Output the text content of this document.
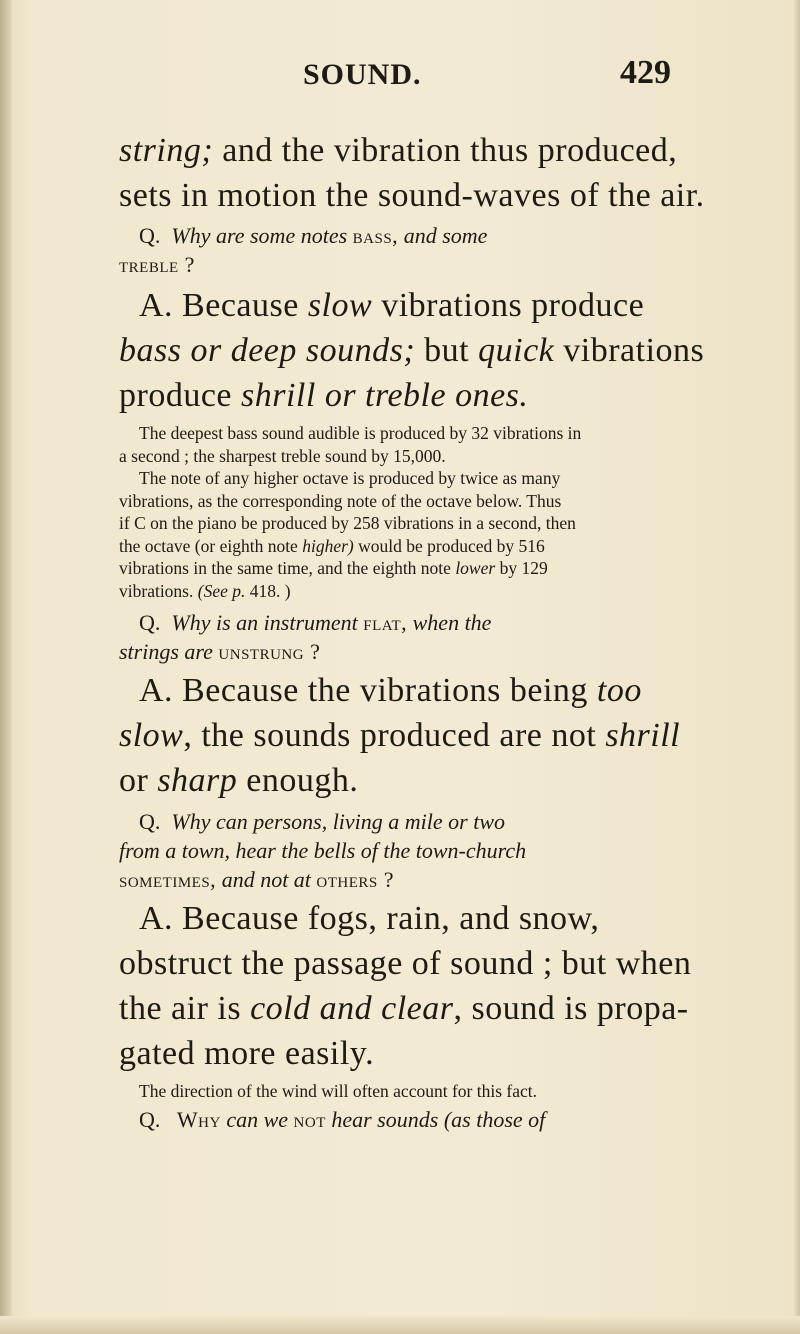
SOUND.	429
string; and the vibration thus produced,
sets in motion the sound-waves of the air.
Q. Why are some notes bass, and some
treble ?
A. Because slow vibrations produce
bass or deep sounds; but quick vibrations
produce shrill or treble ones.
The deepest bass sound audible is produced by 32 vibrations in
a second ; the sharpest treble sound by 15,000.
The note of any higher octave is produced by twice as many
vibrations, as the corresponding note of the octave below. Thus
if C on the piano be produced by 258 vibrations in a second, then
the octave (or eighth note higher) would be produced by 516
vibrations in the same time, and the eighth note lower by 129
vibrations. (See p. 418. )
Q. Why is an instrument flat, when the
strings are unstrung ?
A. Because the vibrations being too
slow, the sounds produced are not shrill
or sharp enough.
Q. Why can persons, living a mile or two
from a town, hear the bells of the town-church
sometimes, and not at others ?
A. Because fogs, rain, and snow,
obstruct the passage of sound ; but when
the air is cold and clear, sound is propa-
gated more easily.
The direction of the wind will often account for this fact.
Q. Why can we not hear sounds (as those of
